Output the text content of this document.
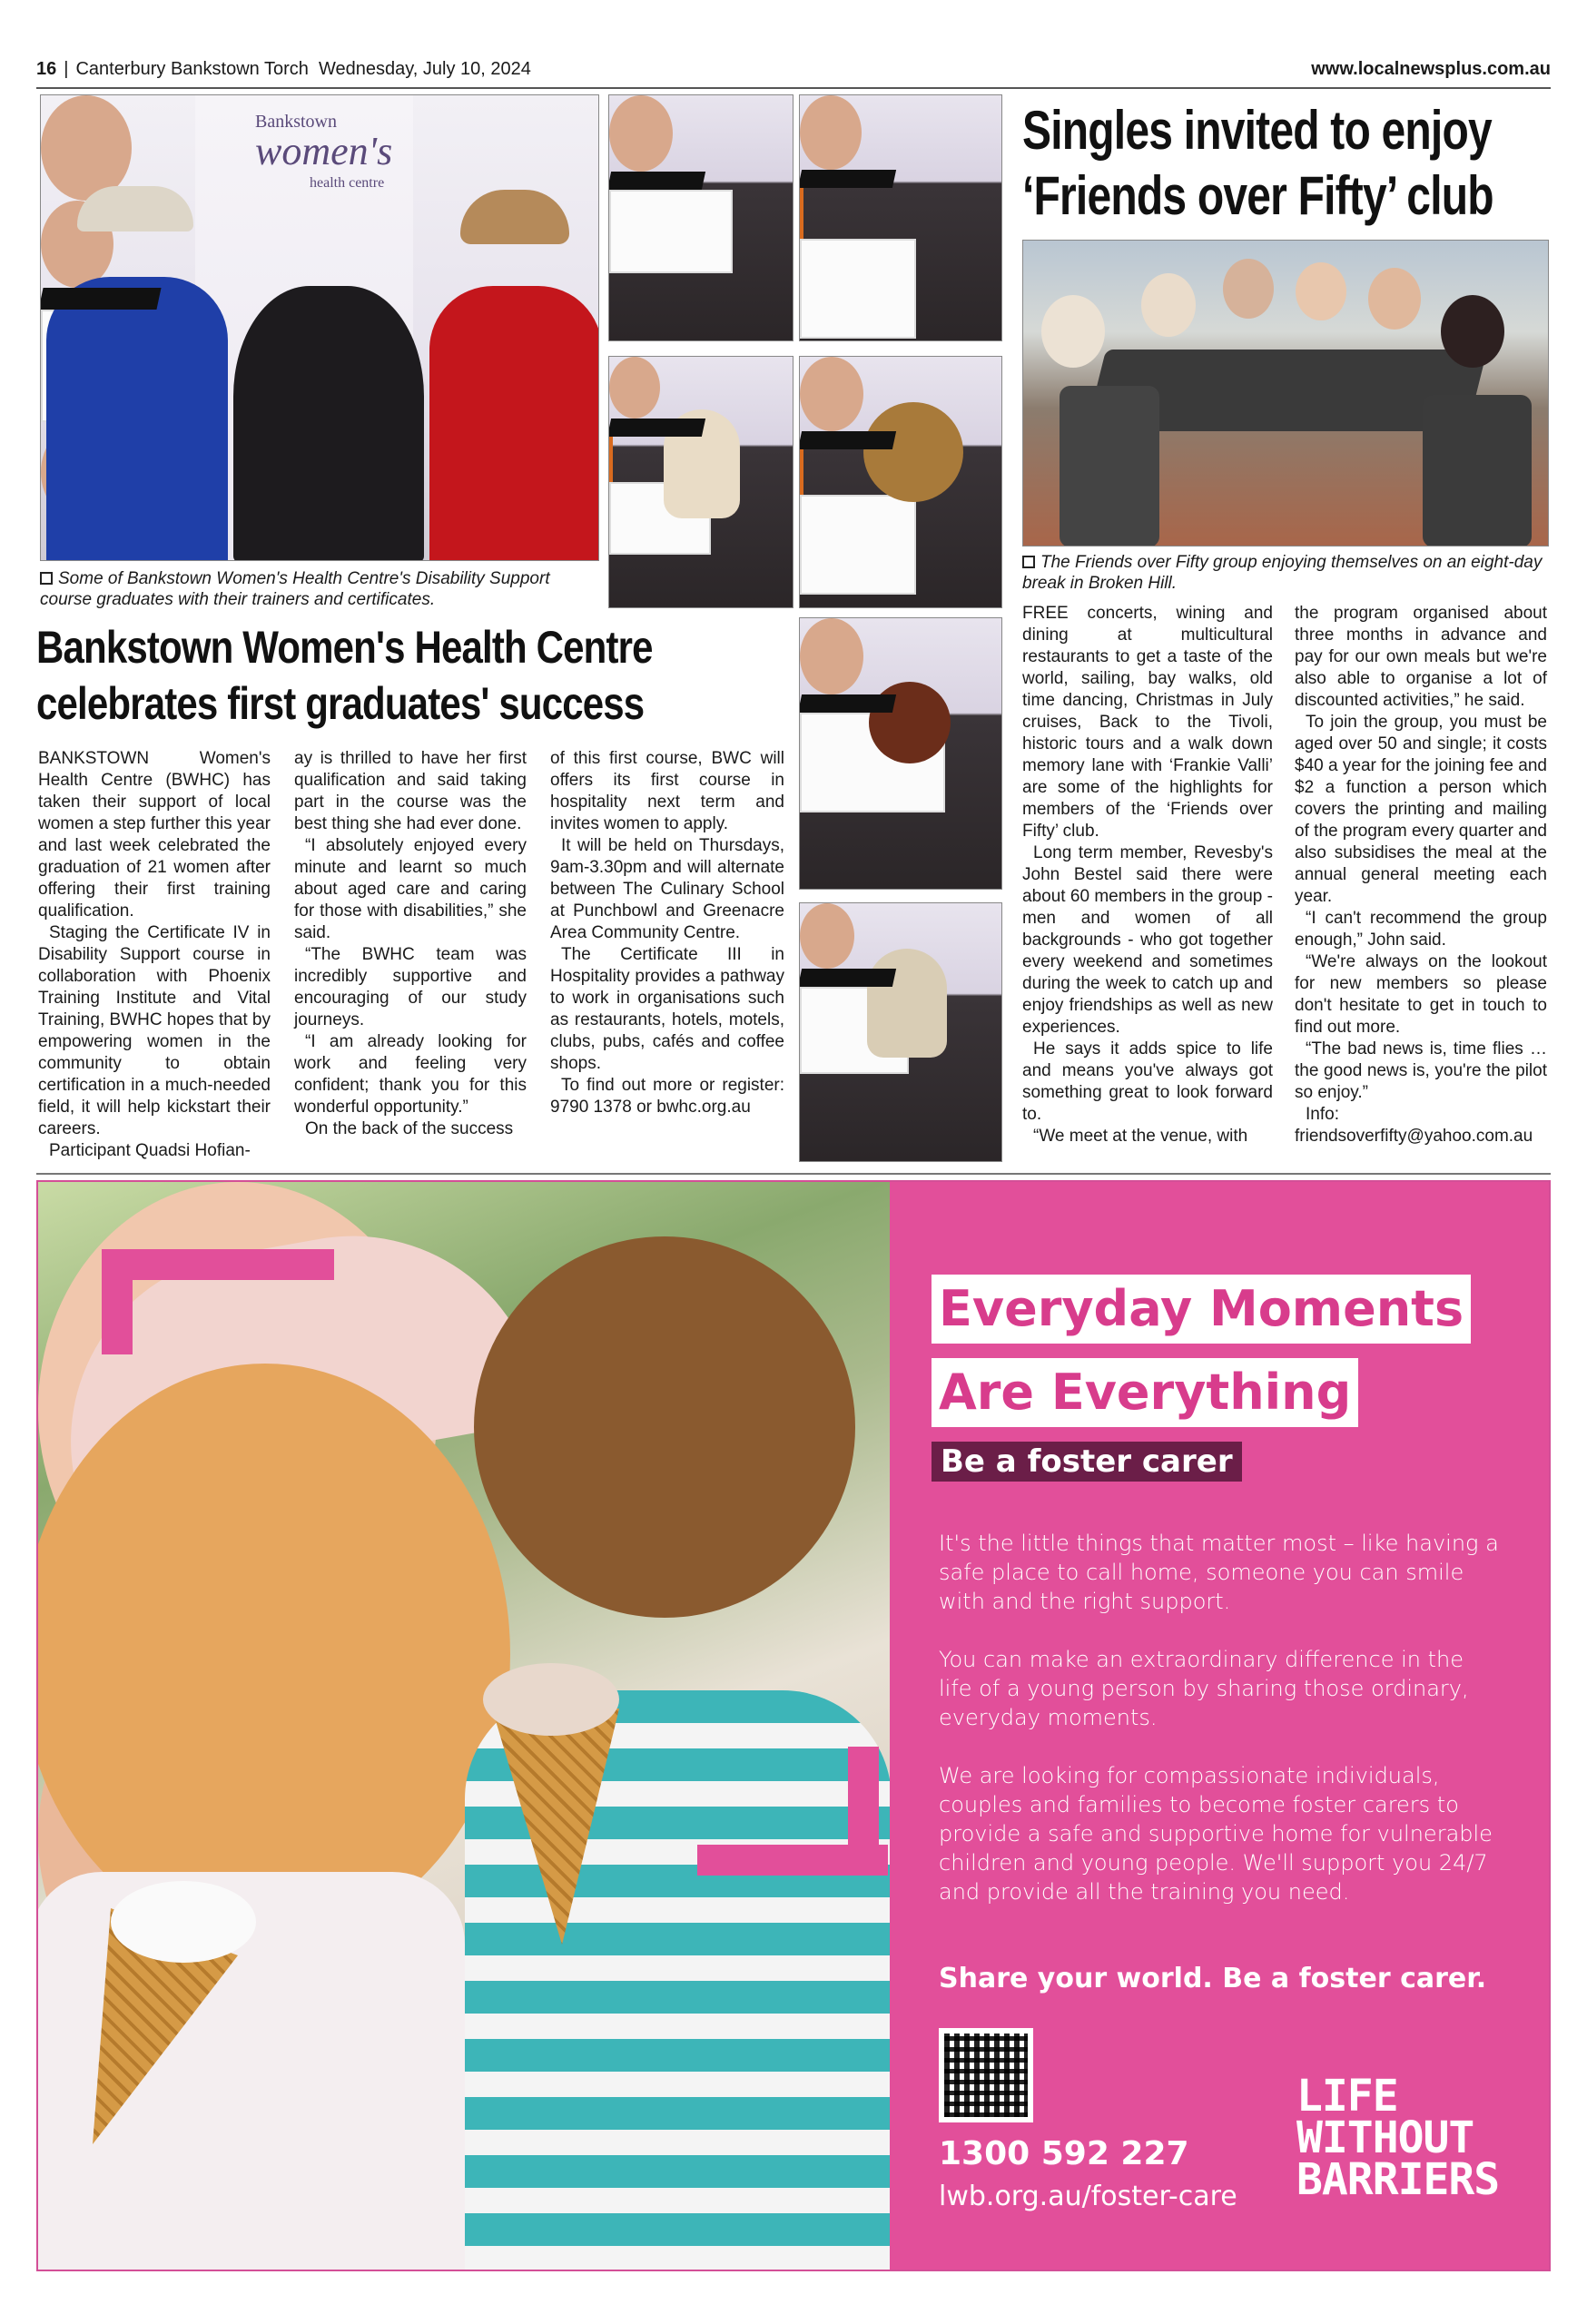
16 | Canterbury Bankstown Torch Wednesday, July 10, 2024	www.localnewsplus.com.au
Bankstown
women's
health centre
Some of Bankstown Women's Health Centre's Disability Support course graduates with their trainers and certificates.
Bankstown Women's Health Centre
celebrates first graduates' success

BANKSTOWN Women's Health Centre (BWHC) has taken their support of local women a step further this year and last week celebrated the graduation of 21 women after offering their first training qualification.

Staging the Certificate IV in Disability Support course in collaboration with Phoenix Training Institute and Vital Training, BWHC hopes that by empowering women in the community to obtain certification in a much-needed field, it will help kickstart their careers.

Participant Quadsi Hofian-

ay is thrilled to have her first qualification and said taking part in the course was the best thing she had ever done.

“I absolutely enjoyed every minute and learnt so much about aged care and caring for those with disabilities,” she said.

“The BWHC team was incredibly supportive and encouraging of our study journeys.

“I am already looking for work and feeling very confident; thank you for this wonderful opportunity.”

On the back of the success

of this first course, BWC will offers its first course in hospitality next term and invites women to apply.

It will be held on Thursdays, 9am-3.30pm and will alternate between The Culinary School at Punchbowl and Greenacre Area Community Centre.

The Certificate III in Hospitality provides a pathway to work in organisations such as restaurants, hotels, motels, clubs, pubs, cafés and coffee shops.

To find out more or register: 9790 1378 or bwhc.org.au

Singles invited to enjoy
‘Friends over Fifty’ club
The Friends over Fifty group enjoying themselves on an eight-day break in Broken Hill.

FREE concerts, wining and dining at multicultural restaurants to get a taste of the world, sailing, bay walks, old time dancing, Christmas in July cruises, Back to the Tivoli, historic tours and a walk down memory lane with ‘Frankie Valli’ are some of the highlights for members of the ‘Friends over Fifty’ club.

Long term member, Revesby's John Bestel said there were about 60 members in the group - men and women of all backgrounds - who got together every weekend and sometimes during the week to catch up and enjoy friendships as well as new experiences.

He says it adds spice to life and means you've always got something great to look forward to.

“We meet at the venue, with

the program organised about three months in advance and pay for our own meals but we're also able to organise a lot of discounted activities,” he said.

To join the group, you must be aged over 50 and single; it costs $40 a year for the joining fee and $2 a function a person which covers the printing and mailing of the program every quarter and also subsidises the meal at the annual general meeting each year.

“I can't recommend the group enough,” John said.

“We're always on the lookout for new members so please don't hesitate to get in touch to find out more.

“The bad news is, time flies … the good news is, you're the pilot so enjoy.”

Info: friendsoverfifty@yahoo.com.au

Everyday Moments
Are Everything
Be a foster carer

It's the little things that matter most – like having a safe place to call home, someone you can smile with and the right support.

You can make an extraordinary difference in the life of a young person by sharing those ordinary, everyday moments.

We are looking for compassionate individuals, couples and families to become foster carers to provide a safe and supportive home for vulnerable children and young people. We'll support you 24/7 and provide all the training you need.

Share your world. Be a foster carer.
1300 592 227
lwb.org.au/foster-care
LIFE
WITHOUT
BARRIERS
